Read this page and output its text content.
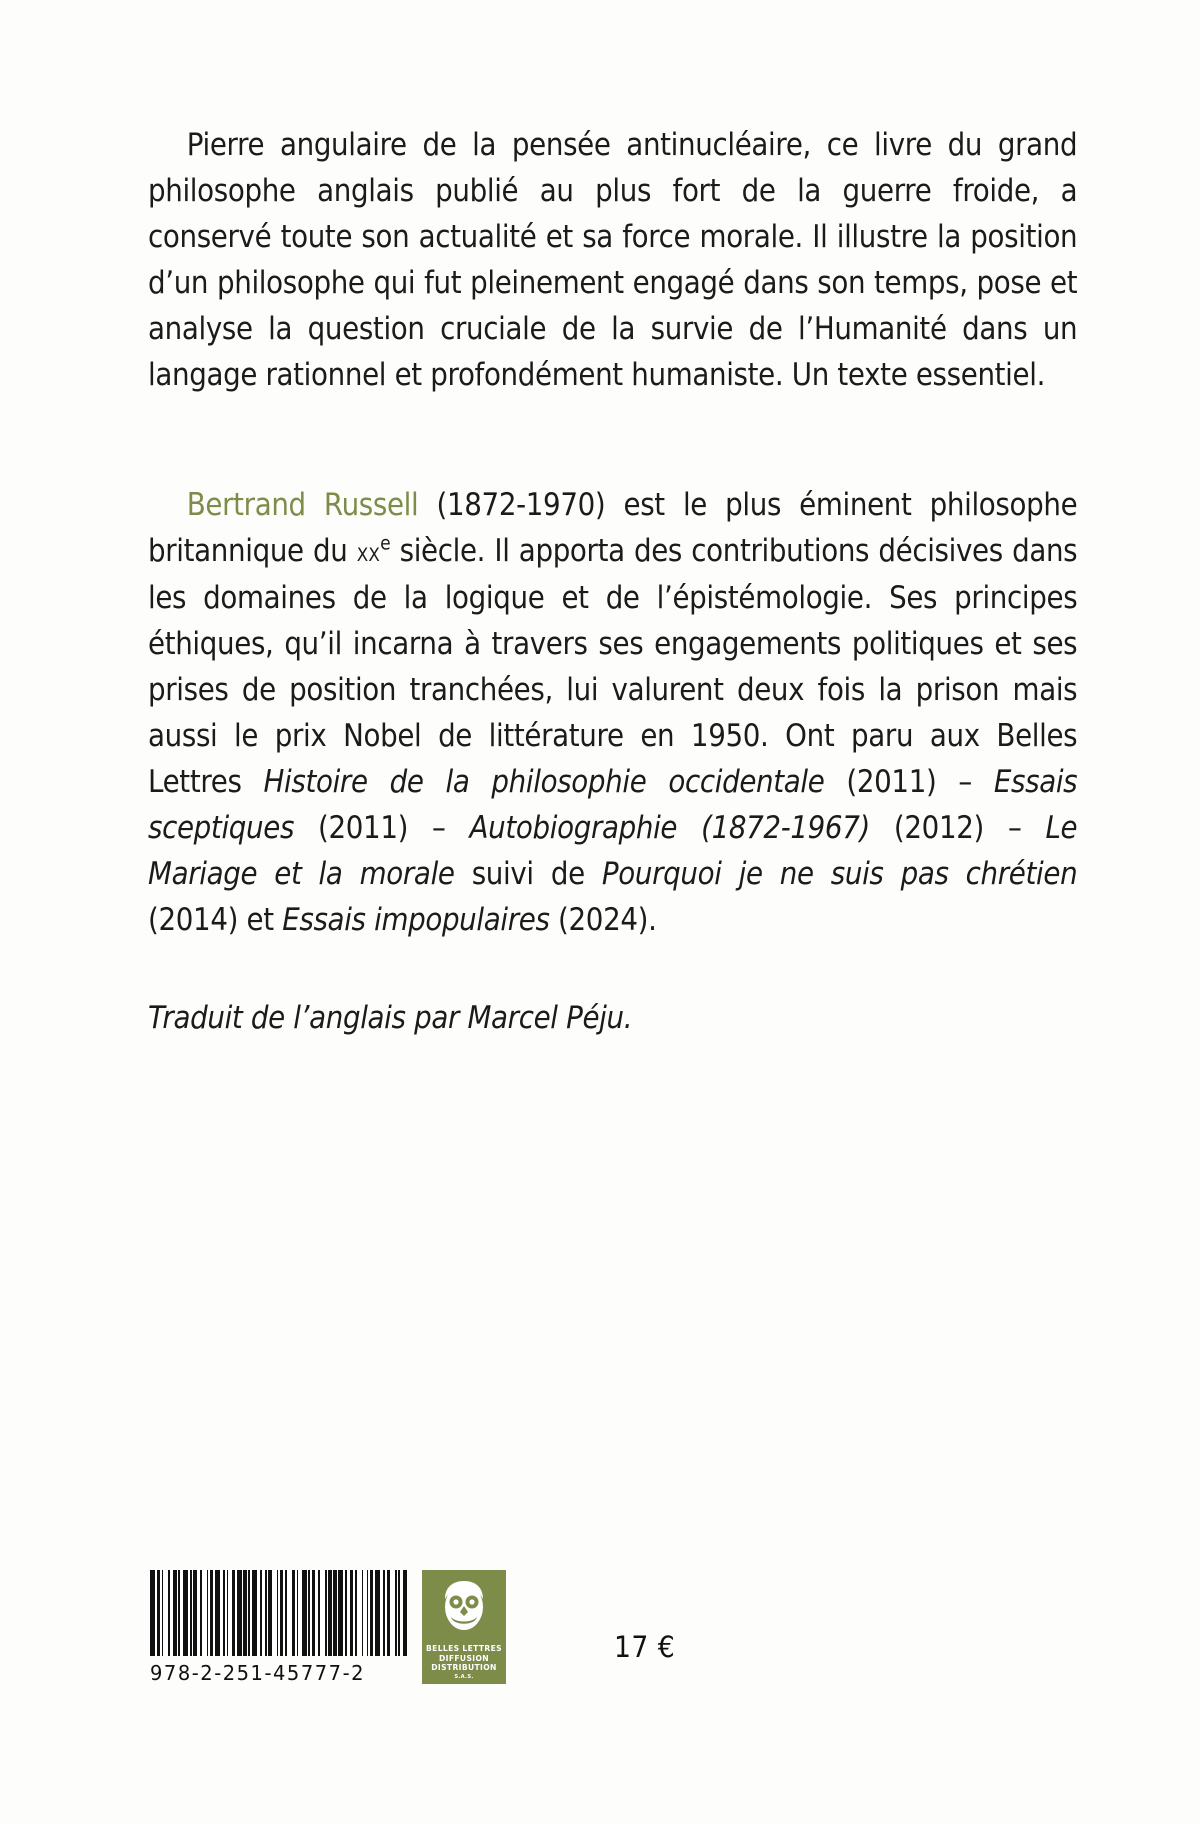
Pierre angulaire de la pensée antinucléaire, ce livre du grand philosophe anglais publié au plus fort de la guerre froide, a conservé toute son actualité et sa force morale. Il illustre la position d’un philosophe qui fut pleinement engagé dans son temps, pose et analyse la question cruciale de la survie de l’Humanité dans un langage rationnel et profondément humaniste. Un texte essentiel.

Bertrand Russell (1872-1970) est le plus éminent philosophe britannique du $xx^e$ siècle. Il apporta des contributions décisives dans les domaines de la logique et de l’épistémologie. Ses principes éthiques, qu’il incarna à travers ses engagements politiques et ses prises de position tranchées, lui valurent deux fois la prison mais aussi le prix Nobel de littérature en 1950. Ont paru aux Belles Lettres Histoire de la philosophie occidentale (2011) – Essais sceptiques (2011) – Autobiographie (1872-1967) (2012) – Le Mariage et la morale suivi de Pourquoi je ne suis pas chrétien (2014) et Essais impopulaires (2024).

Traduit de l’anglais par Marcel Péju.

978-2-251-45777-2
BELLES LETTRES
DIFFUSION
DISTRIBUTION
S.A.S.
17 €
